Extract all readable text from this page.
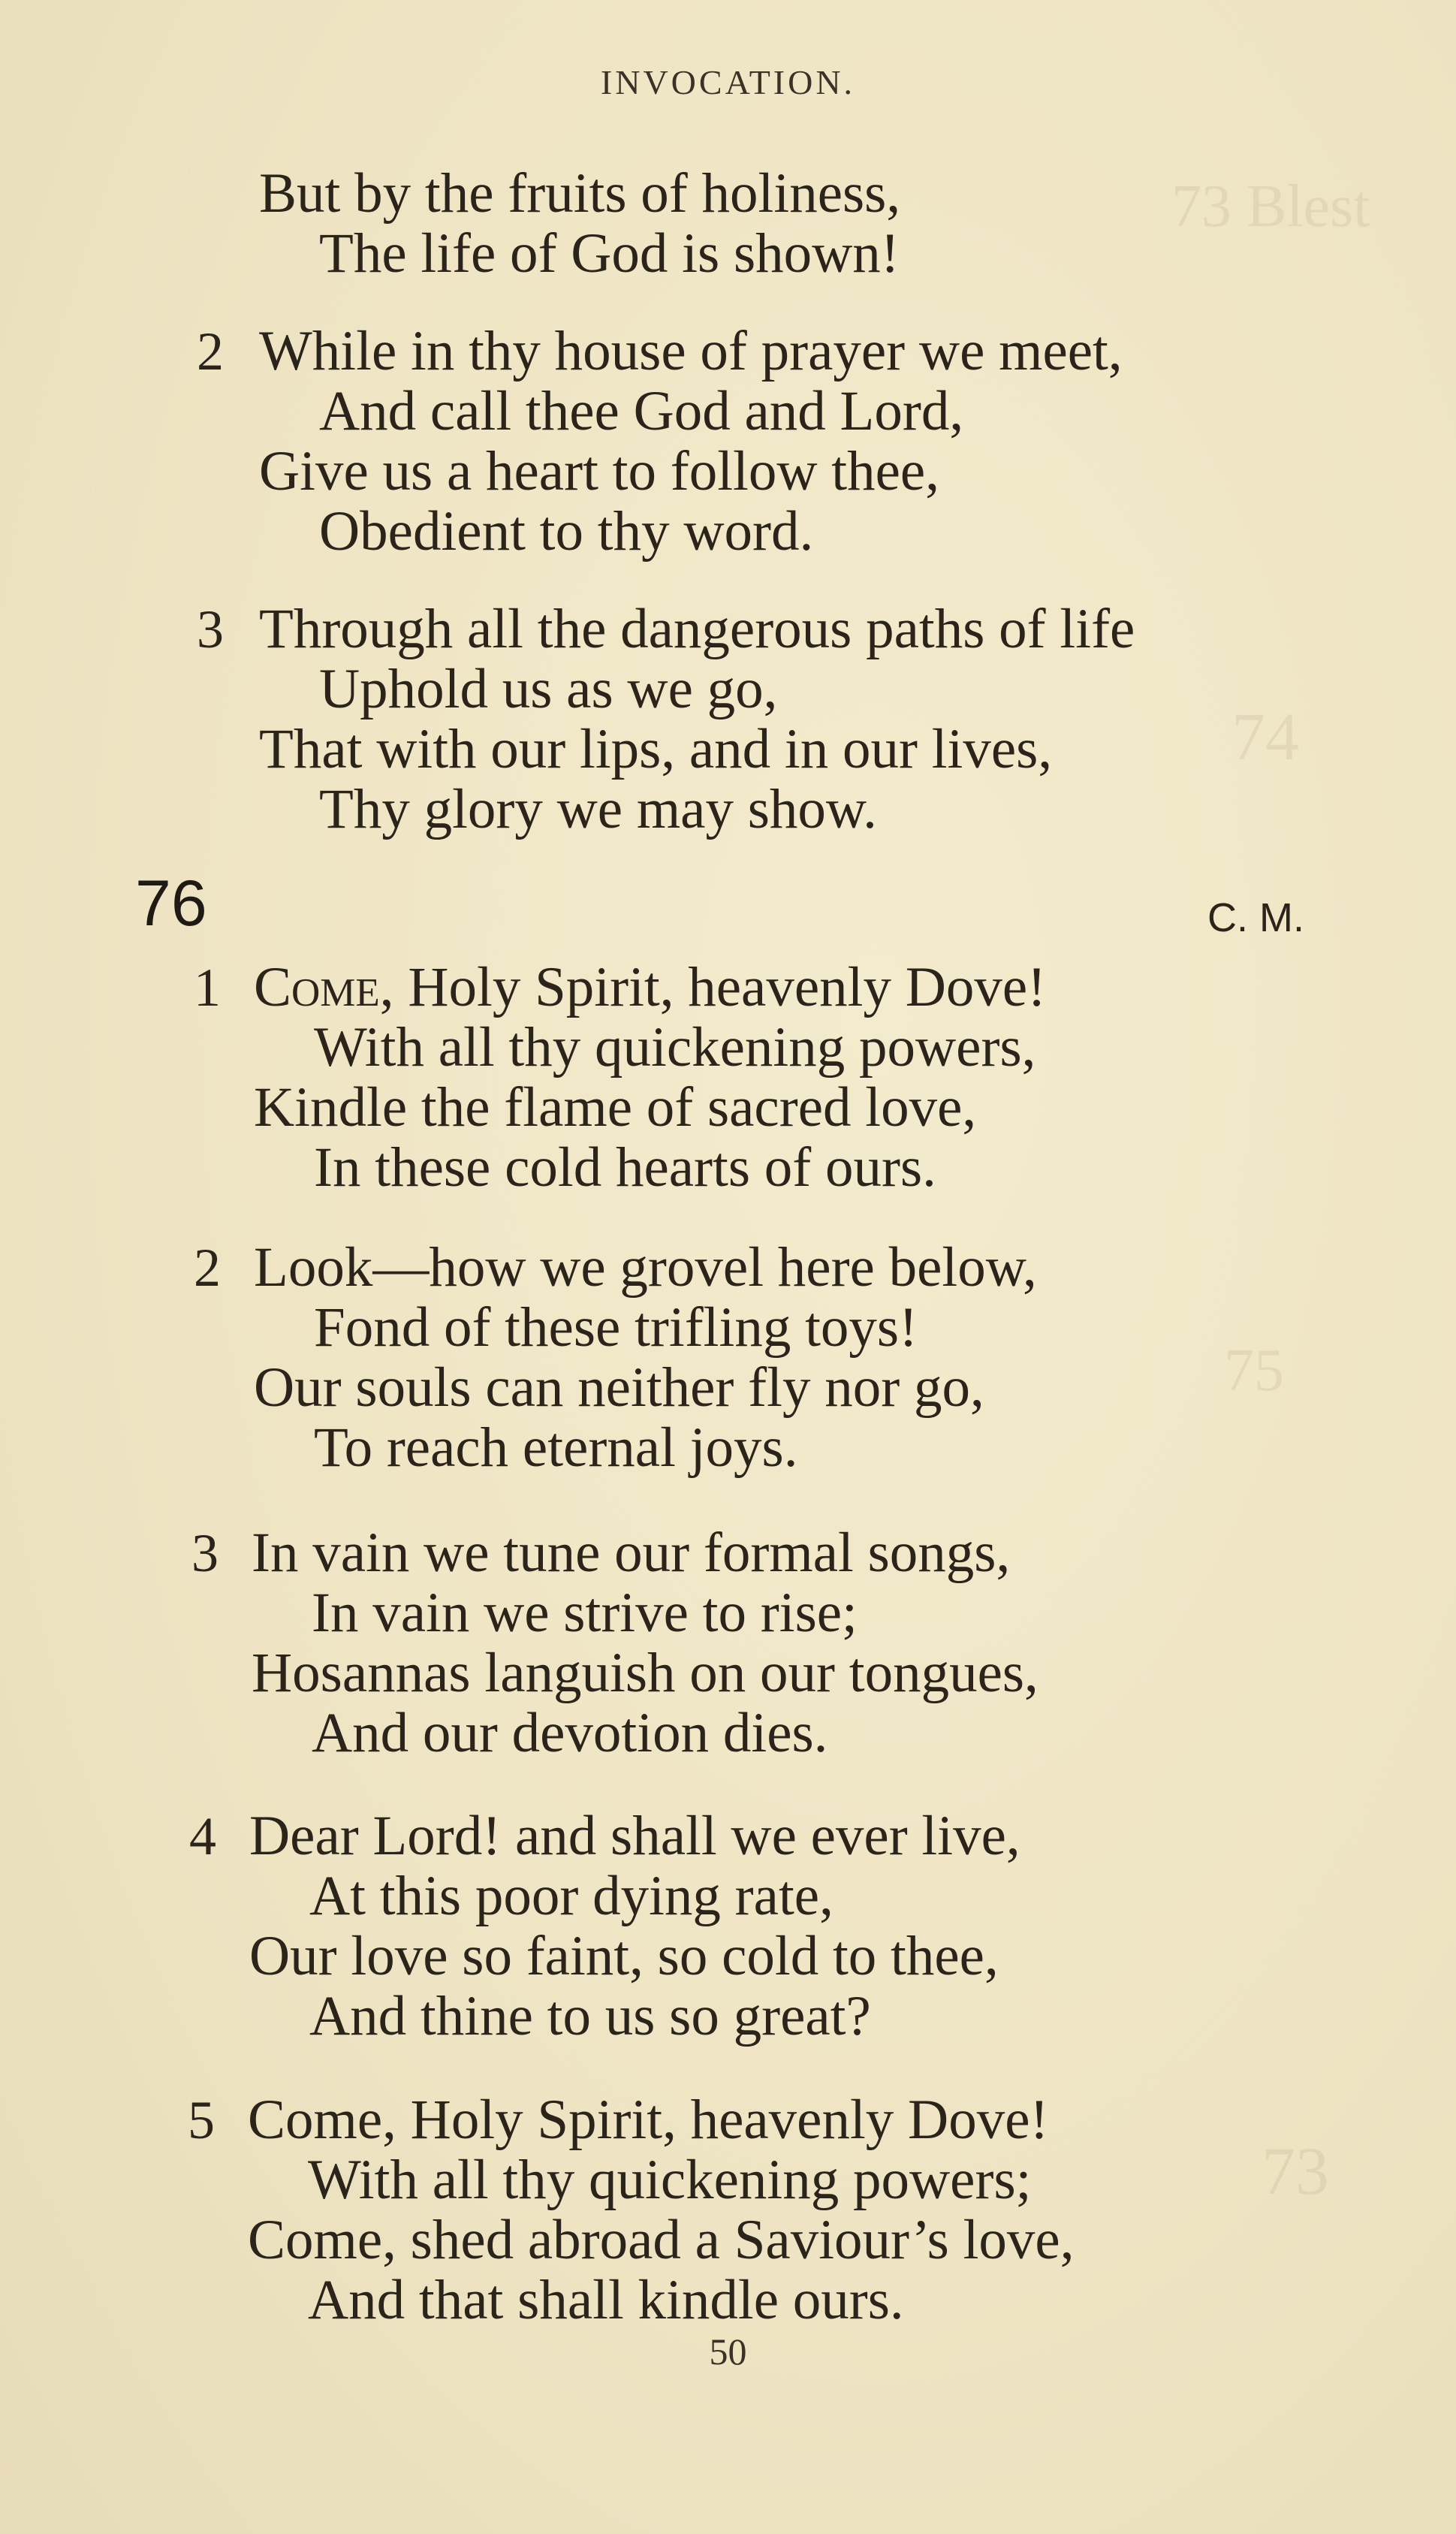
73 Blest
74
75
73
INVOCATION.
But by the fruits of holiness,
The life of God is shown!
2 While in thy house of prayer we meet,
And call thee God and Lord,
Give us a heart to follow thee,
Obedient to thy word.
3 Through all the dangerous paths of life
Uphold us as we go,
That with our lips, and in our lives,
Thy glory we may show.
76	C. M.
1 Come, Holy Spirit, heavenly Dove!
With all thy quickening powers,
Kindle the flame of sacred love,
In these cold hearts of ours.
2 Look—how we grovel here below,
Fond of these trifling toys!
Our souls can neither fly nor go,
To reach eternal joys.
3 In vain we tune our formal songs,
In vain we strive to rise;
Hosannas languish on our tongues,
And our devotion dies.
4 Dear Lord! and shall we ever live,
At this poor dying rate,
Our love so faint, so cold to thee,
And thine to us so great?
5 Come, Holy Spirit, heavenly Dove!
With all thy quickening powers;
Come, shed abroad a Saviour’s love,
And that shall kindle ours.
50
